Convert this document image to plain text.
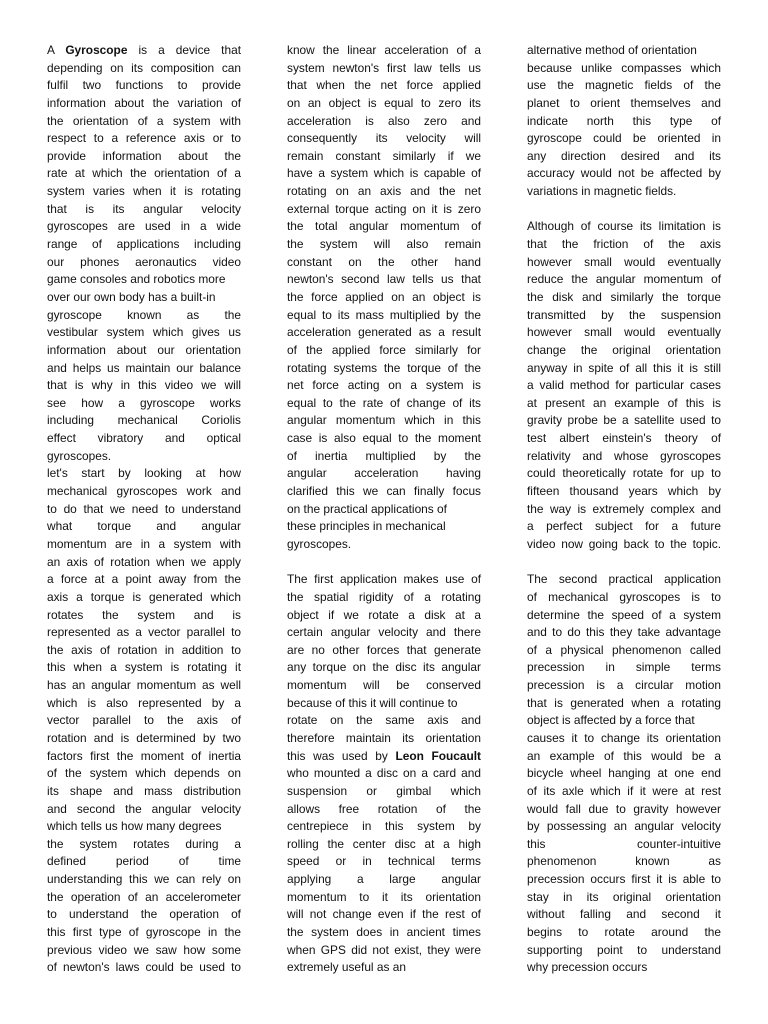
A Gyroscope is a device that
depending on its composition can
fulfil two functions to provide
information about the variation of
the orientation of a system with
respect to a reference axis or to
provide information about the
rate at which the orientation of a
system varies when it is rotating
that is its angular velocity
gyroscopes are used in a wide
range of applications including
our phones aeronautics video
game consoles and robotics more
over our own body has a built-in
gyroscope known as the
vestibular system which gives us
information about our orientation
and helps us maintain our balance
that is why in this video we will
see how a gyroscope works
including mechanical Coriolis
effect vibratory and optical
gyroscopes.
let's start by looking at how
mechanical gyroscopes work and
to do that we need to understand
what torque and angular
momentum are in a system with
an axis of rotation when we apply
a force at a point away from the
axis a torque is generated which
rotates the system and is
represented as a vector parallel to
the axis of rotation in addition to
this when a system is rotating it
has an angular momentum as well
which is also represented by a
vector parallel to the axis of
rotation and is determined by two
factors first the moment of inertia
of the system which depends on
its shape and mass distribution
and second the angular velocity
which tells us how many degrees
the system rotates during a
defined period of time
understanding this we can rely on
the operation of an accelerometer
to understand the operation of
this first type of gyroscope in the
previous video we saw how some
of newton's laws could be used to
know the linear acceleration of a
system newton's first law tells us
that when the net force applied
on an object is equal to zero its
acceleration is also zero and
consequently its velocity will
remain constant similarly if we
have a system which is capable of
rotating on an axis and the net
external torque acting on it is zero
the total angular momentum of
the system will also remain
constant on the other hand
newton's second law tells us that
the force applied on an object is
equal to its mass multiplied by the
acceleration generated as a result
of the applied force similarly for
rotating systems the torque of the
net force acting on a system is
equal to the rate of change of its
angular momentum which in this
case is also equal to the moment
of inertia multiplied by the
angular acceleration having
clarified this we can finally focus
on the practical applications of
these principles in mechanical
gyroscopes.
The first application makes use of
the spatial rigidity of a rotating
object if we rotate a disk at a
certain angular velocity and there
are no other forces that generate
any torque on the disc its angular
momentum will be conserved
because of this it will continue to
rotate on the same axis and
therefore maintain its orientation
this was used by Leon Foucault
who mounted a disc on a card and
suspension or gimbal which
allows free rotation of the
centrepiece in this system by
rolling the center disc at a high
speed or in technical terms
applying a large angular
momentum to it its orientation
will not change even if the rest of
the system does in ancient times
when GPS did not exist, they were
extremely useful as an
alternative method of orientation
because unlike compasses which
use the magnetic fields of the
planet to orient themselves and
indicate north this type of
gyroscope could be oriented in
any direction desired and its
accuracy would not be affected by
variations in magnetic fields.
Although of course its limitation is
that the friction of the axis
however small would eventually
reduce the angular momentum of
the disk and similarly the torque
transmitted by the suspension
however small would eventually
change the original orientation
anyway in spite of all this it is still
a valid method for particular cases
at present an example of this is
gravity probe be a satellite used to
test albert einstein's theory of
relativity and whose gyroscopes
could theoretically rotate for up to
fifteen thousand years which by
the way is extremely complex and
a perfect subject for a future
video now going back to the topic.
The second practical application
of mechanical gyroscopes is to
determine the speed of a system
and to do this they take advantage
of a physical phenomenon called
precession in simple terms
precession is a circular motion
that is generated when a rotating
object is affected by a force that
causes it to change its orientation
an example of this would be a
bicycle wheel hanging at one end
of its axle which if it were at rest
would fall due to gravity however
by possessing an angular velocity
this counter-intuitive
phenomenon known as
precession occurs first it is able to
stay in its original orientation
without falling and second it
begins to rotate around the
supporting point to understand
why precession occurs
